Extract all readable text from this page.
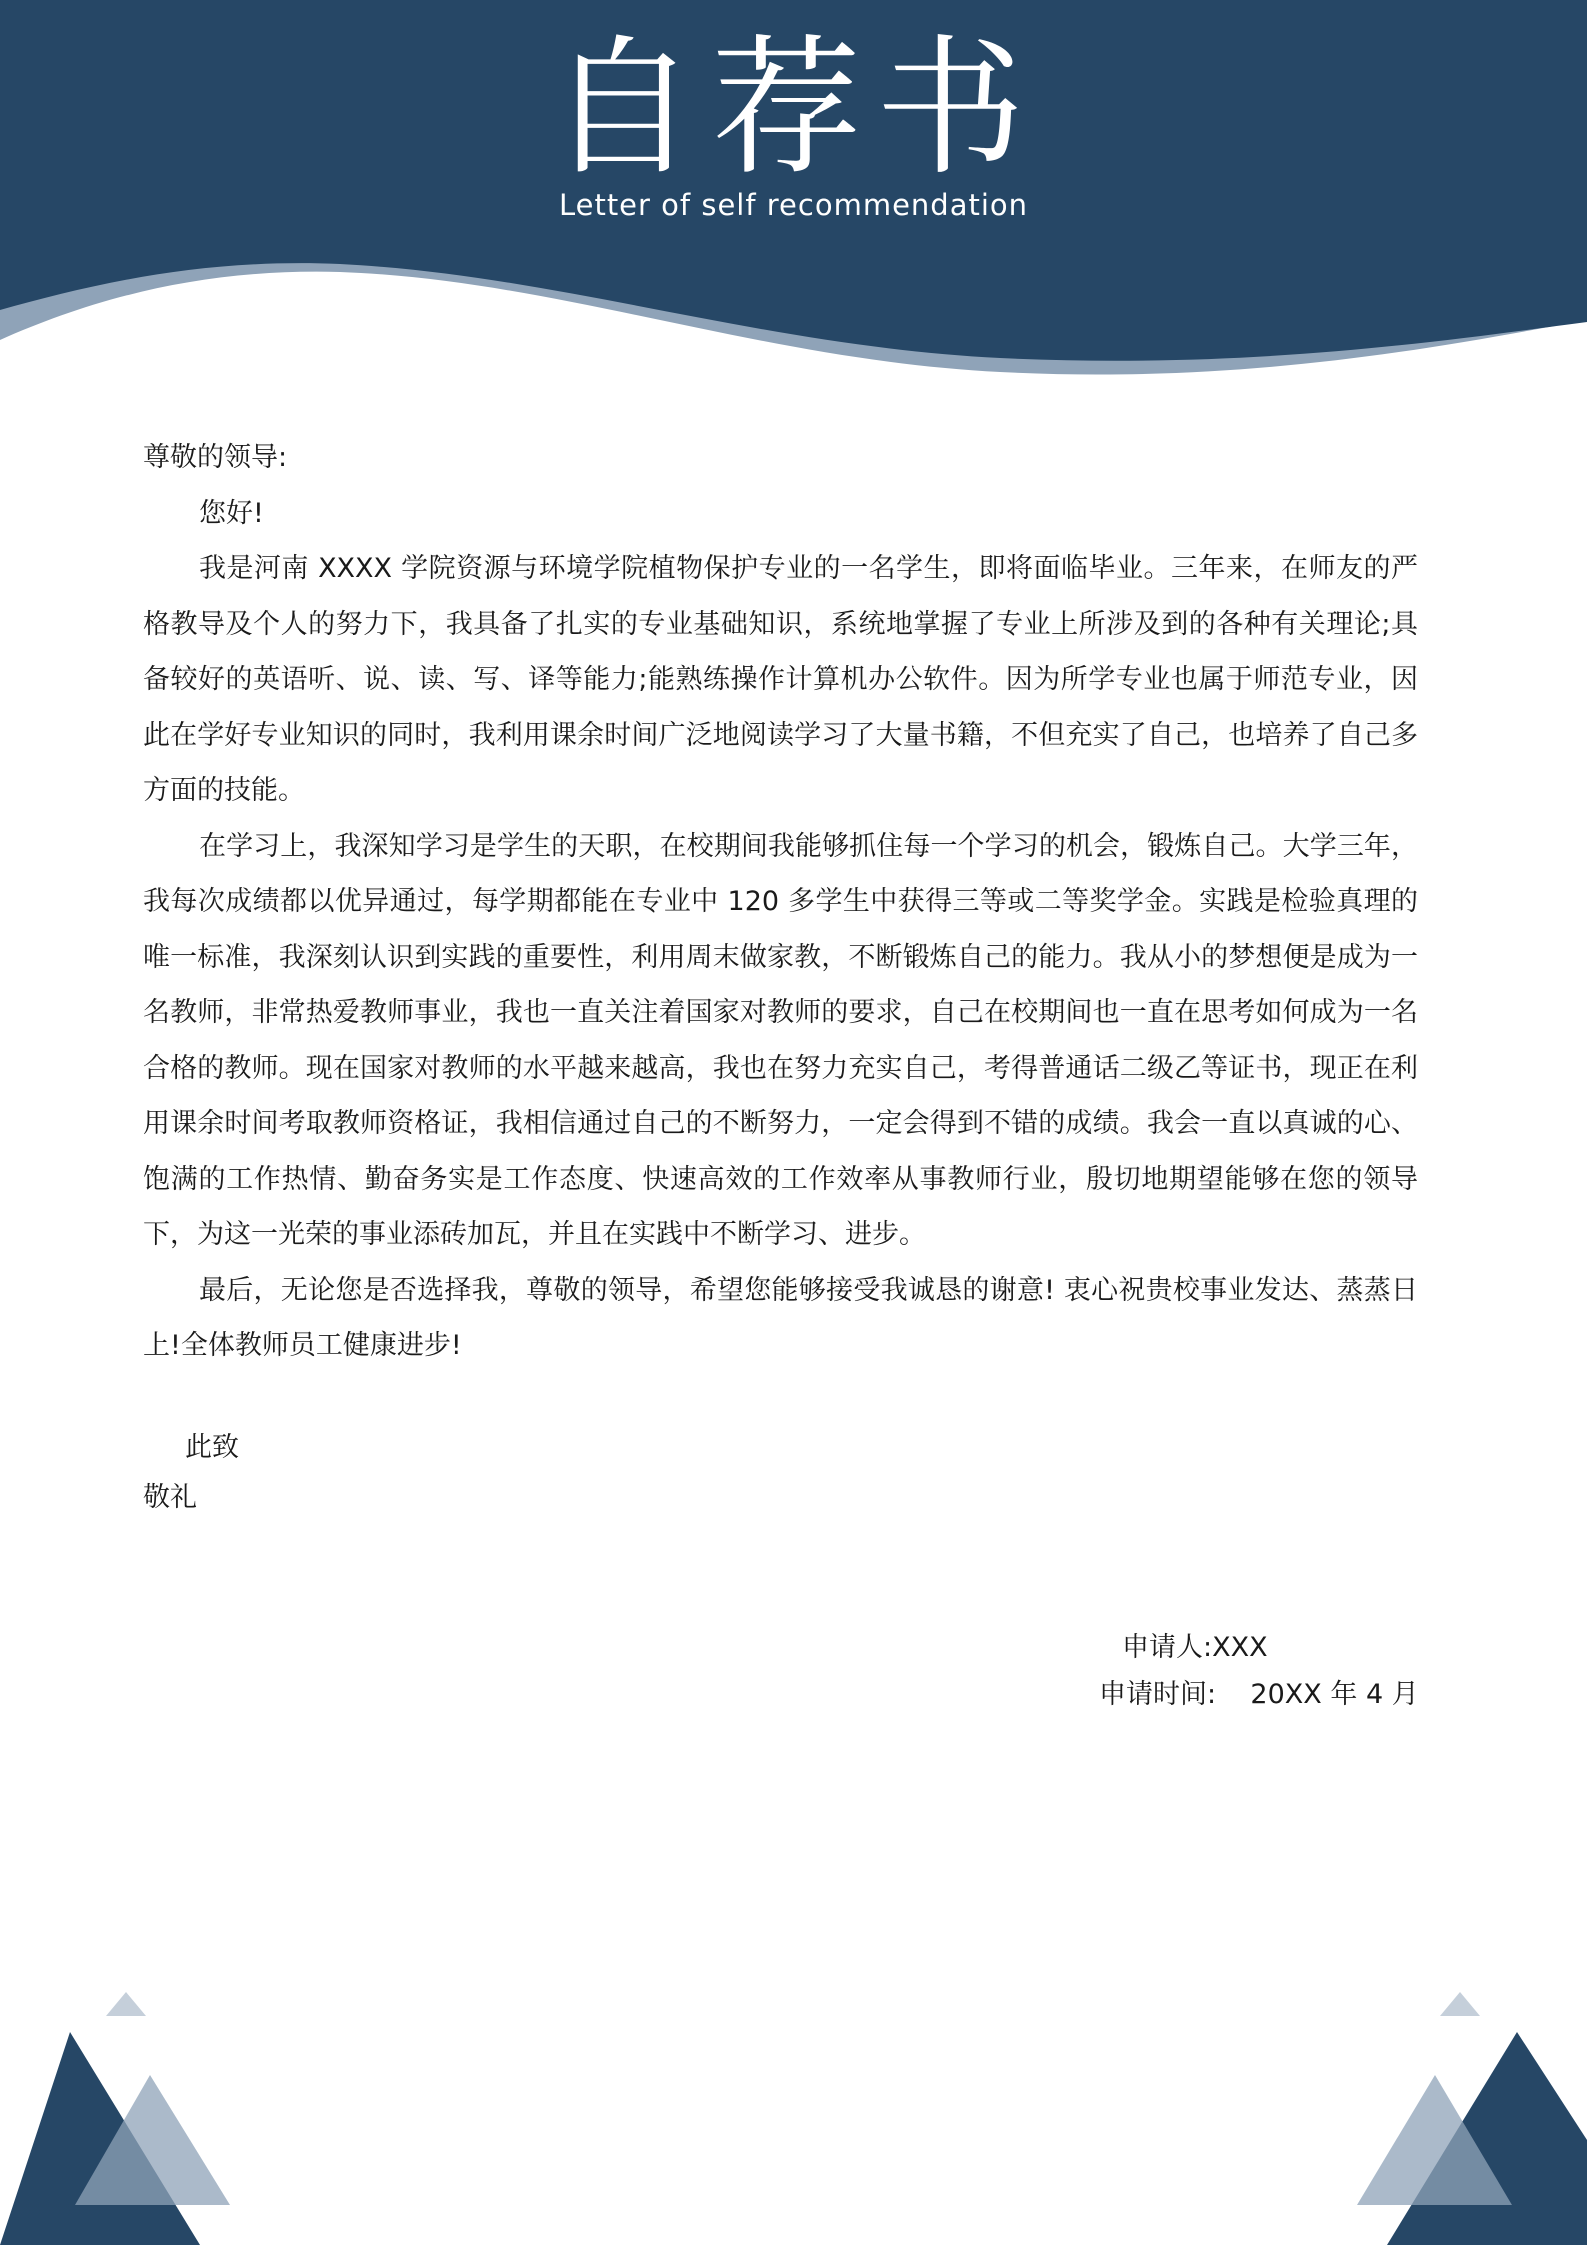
自荐书
Letter of self recommendation

尊敬的领导:

您好!

我是河南 XXXX 学院资源与环境学院植物保护专业的一名学生，即将面临毕业。三年来，在师友的严格教导及个人的努力下，我具备了扎实的专业基础知识，系统地掌握了专业上所涉及到的各种有关理论;具备较好的英语听、说、读、写、译等能力;能熟练操作计算机办公软件。因为所学专业也属于师范专业，因此在学好专业知识的同时，我利用课余时间广泛地阅读学习了大量书籍，不但充实了自己，也培养了自己多方面的技能。

在学习上，我深知学习是学生的天职，在校期间我能够抓住每一个学习的机会，锻炼自己。大学三年，我每次成绩都以优异通过，每学期都能在专业中 120 多学生中获得三等或二等奖学金。实践是检验真理的唯一标准，我深刻认识到实践的重要性，利用周末做家教，不断锻炼自己的能力。我从小的梦想便是成为一名教师，非常热爱教师事业，我也一直关注着国家对教师的要求，自己在校期间也一直在思考如何成为一名合格的教师。现在国家对教师的水平越来越高，我也在努力充实自己，考得普通话二级乙等证书，现正在利用课余时间考取教师资格证，我相信通过自己的不断努力，一定会得到不错的成绩。我会一直以真诚的心、饱满的工作热情、勤奋务实是工作态度、快速高效的工作效率从事教师行业，殷切地期望能够在您的领导下，为这一光荣的事业添砖加瓦，并且在实践中不断学习、进步。

最后，无论您是否选择我，尊敬的领导，希望您能够接受我诚恳的谢意! 衷心祝贵校事业发达、蒸蒸日上!全体教师员工健康进步!

此致
敬礼
申请人:XXX
申请时间:    20XX 年 4 月
